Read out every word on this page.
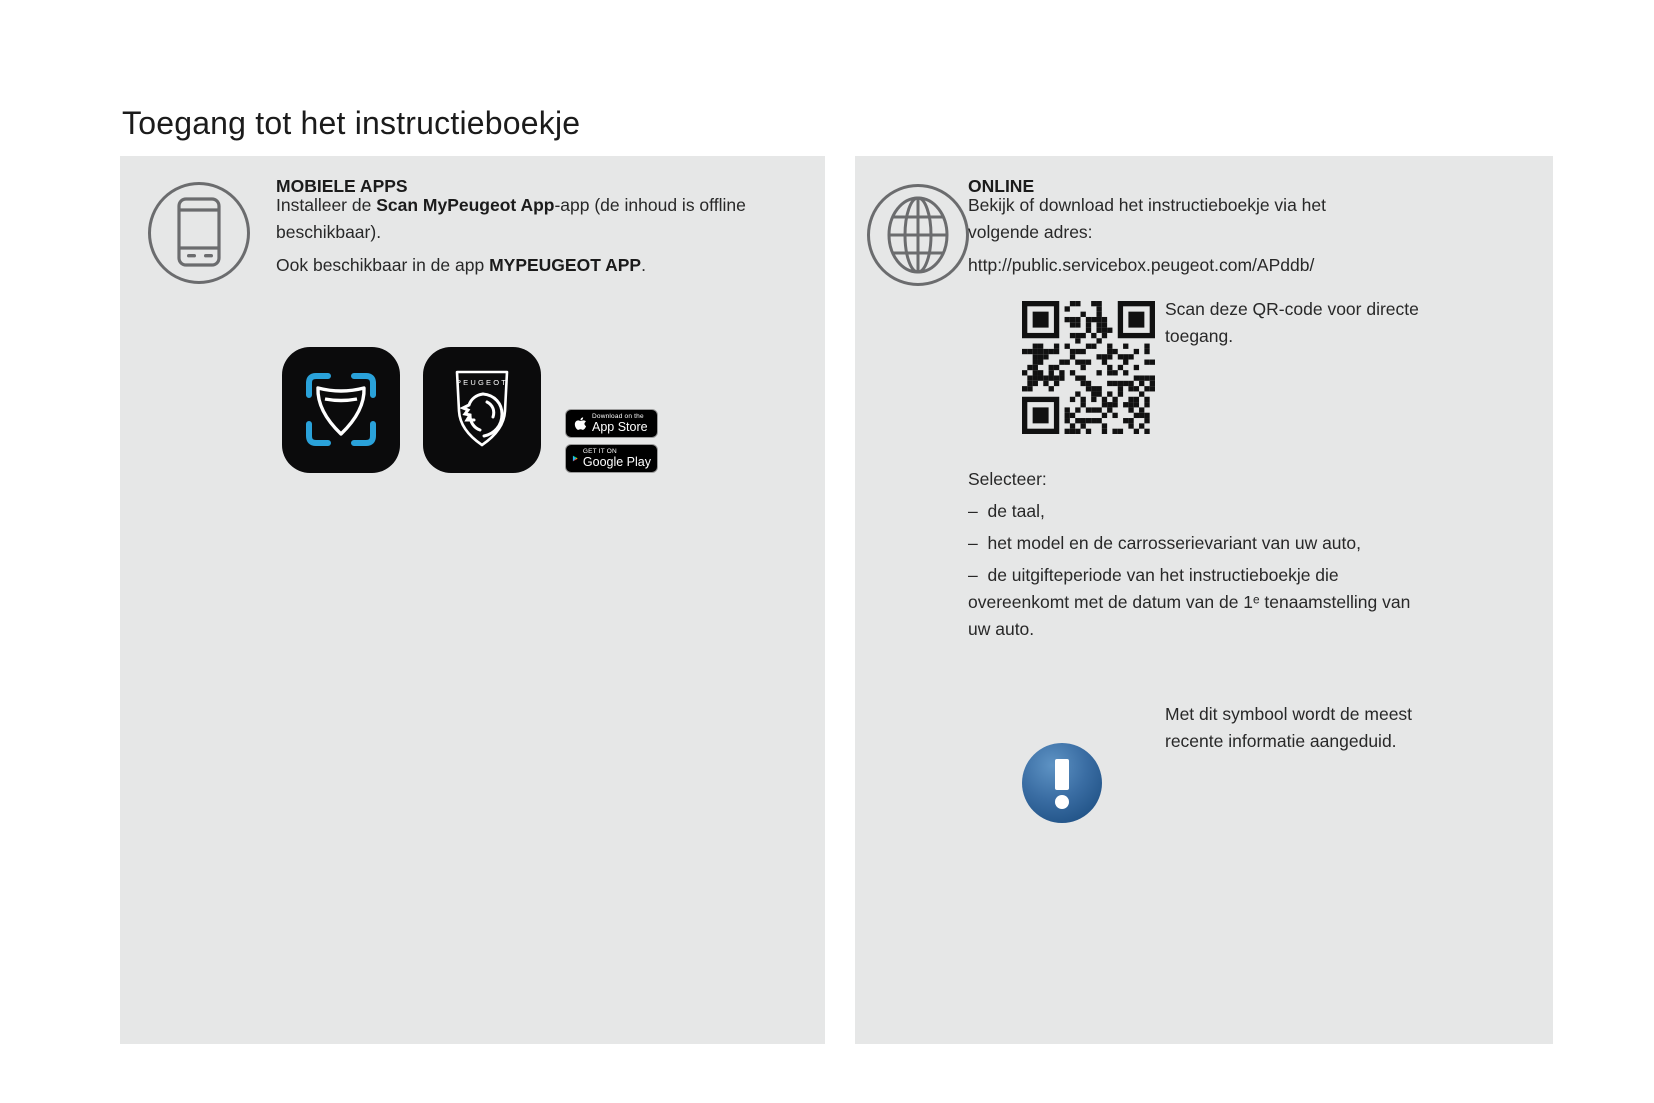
Toegang tot het instructieboekje
MOBIELE APPS

Installeer de Scan MyPeugeot App-app (de inhoud is offline beschikbaar).

Ook beschikbaar in de app MYPEUGEOT APP.

PEUGEOT
Download on the
App Store
GET IT ON
Google Play
ONLINE

Bekijk of download het instructieboekje via het volgende adres:

http://public.servicebox.peugeot.com/APddb/

Scan deze QR-code voor directe toegang.

Selecteer:
–  de taal,
–  het model en de carrosserievariant van uw auto,
–  de uitgifteperiode van het instructieboekje die overeenkomt met de datum van de 1ᵉ tenaamstelling van uw auto.

Met dit symbool wordt de meest recente informatie aangeduid.
